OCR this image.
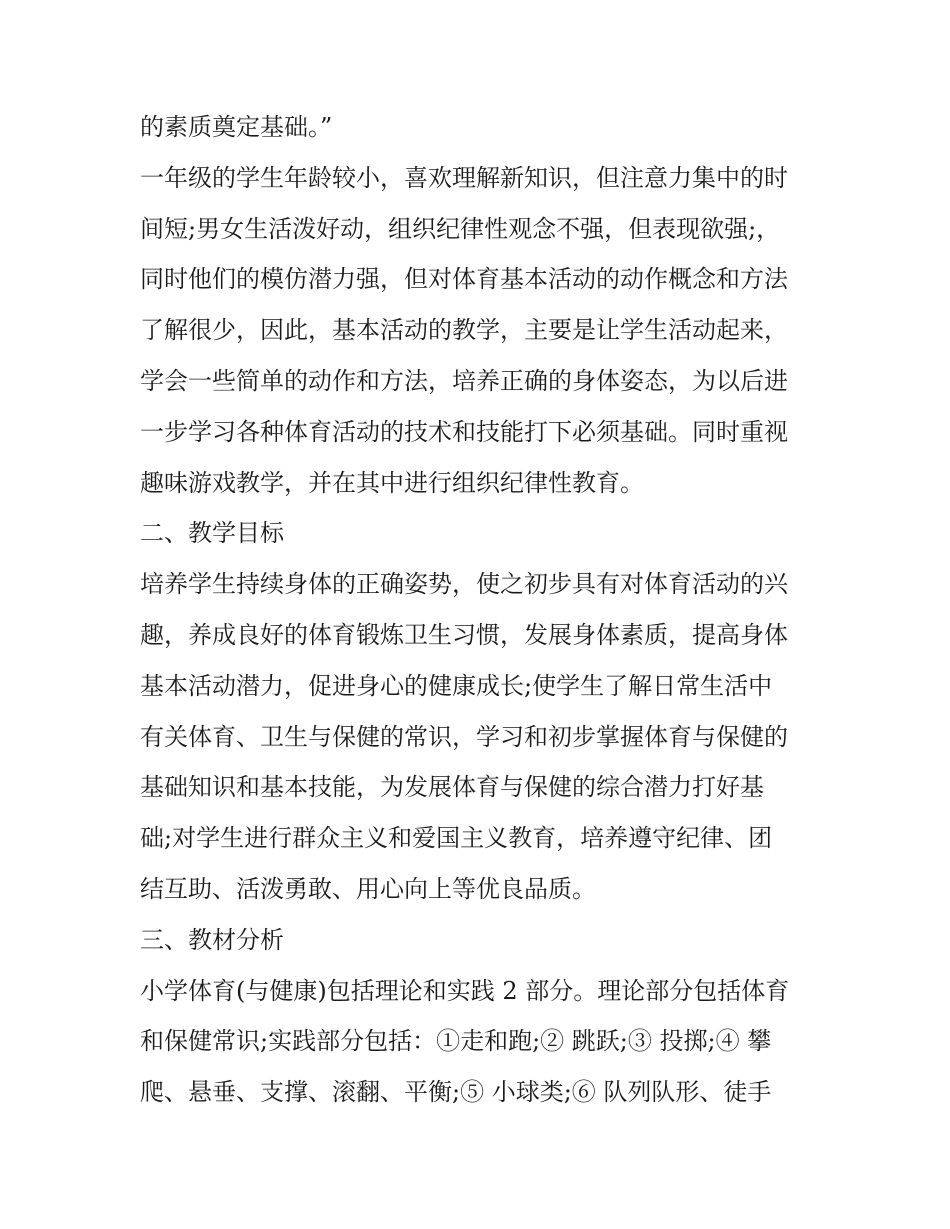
的素质奠定基础。”
一年级的学生年龄较小，喜欢理解新知识，但注意力集中的时
间短;男女生活泼好动，组织纪律性观念不强，但表现欲强;，
同时他们的模仿潜力强，但对体育基本活动的动作概念和方法
了解很少，因此，基本活动的教学，主要是让学生活动起来，
学会一些简单的动作和方法，培养正确的身体姿态，为以后进
一步学习各种体育活动的技术和技能打下必须基础。同时重视
趣味游戏教学，并在其中进行组织纪律性教育。
二、教学目标
培养学生持续身体的正确姿势，使之初步具有对体育活动的兴
趣，养成良好的体育锻炼卫生习惯，发展身体素质，提高身体
基本活动潜力，促进身心的健康成长;使学生了解日常生活中
有关体育、卫生与保健的常识，学习和初步掌握体育与保健的
基础知识和基本技能，为发展体育与保健的综合潜力打好基
础;对学生进行群众主义和爱国主义教育，培养遵守纪律、团
结互助、活泼勇敢、用心向上等优良品质。
三、教材分析
小学体育(与健康)包括理论和实践 2 部分。理论部分包括体育
和保健常识;实践部分包括：①走和跑;② 跳跃;③ 投掷;④ 攀
爬、悬垂、支撑、滚翻、平衡;⑤ 小球类;⑥ 队列队形、徒手
